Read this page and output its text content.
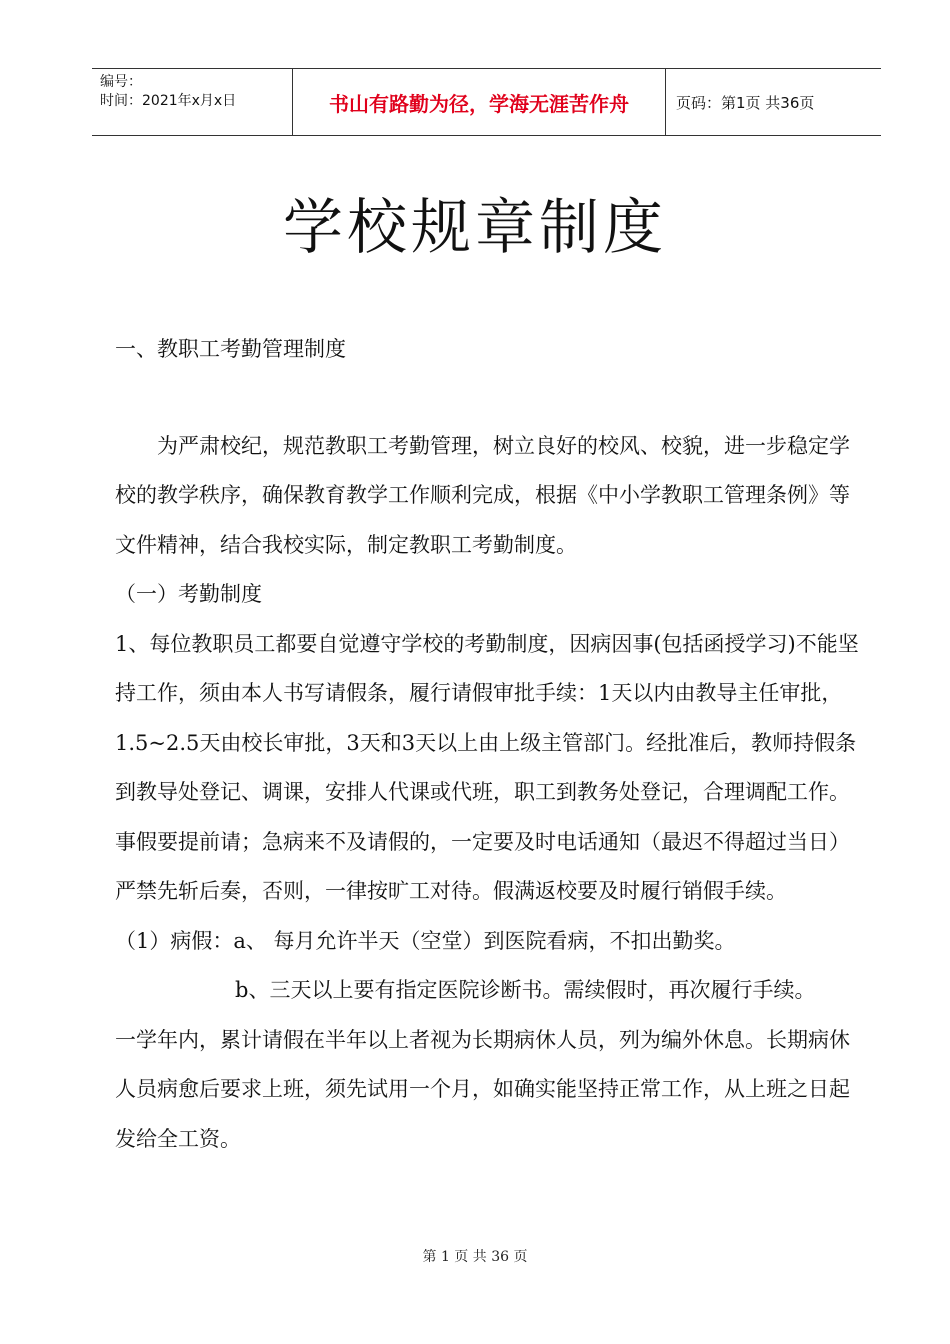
编号：
时间：2021年x月x日	书山有路勤为径，学海无涯苦作舟	页码：第1页 共36页
学校规章制度

一、教职工考勤管理制度

为严肃校纪，规范教职工考勤管理，树立良好的校风、校貌，进一步稳定学校的教学秩序，确保教育教学工作顺利完成，根据《中小学教职工管理条例》等文件精神，结合我校实际，制定教职工考勤制度。

（一）考勤制度

1、每位教职员工都要自觉遵守学校的考勤制度，因病因事(包括函授学习)不能坚持工作，须由本人书写请假条，履行请假审批手续：1天以内由教导主任审批，1.5~2.5天由校长审批，3天和3天以上由上级主管部门。经批准后，教师持假条到教导处登记、调课，安排人代课或代班，职工到教务处登记，合理调配工作。事假要提前请；急病来不及请假的，一定要及时电话通知（最迟不得超过当日）严禁先斩后奏，否则，一律按旷工对待。假满返校要及时履行销假手续。

（1）病假：a、 每月允许半天（空堂）到医院看病，不扣出勤奖。

b、三天以上要有指定医院诊断书。需续假时，再次履行手续。

一学年内，累计请假在半年以上者视为长期病休人员，列为编外休息。长期病休人员病愈后要求上班，须先试用一个月，如确实能坚持正常工作，从上班之日起发给全工资。

第 1 页 共 36 页
